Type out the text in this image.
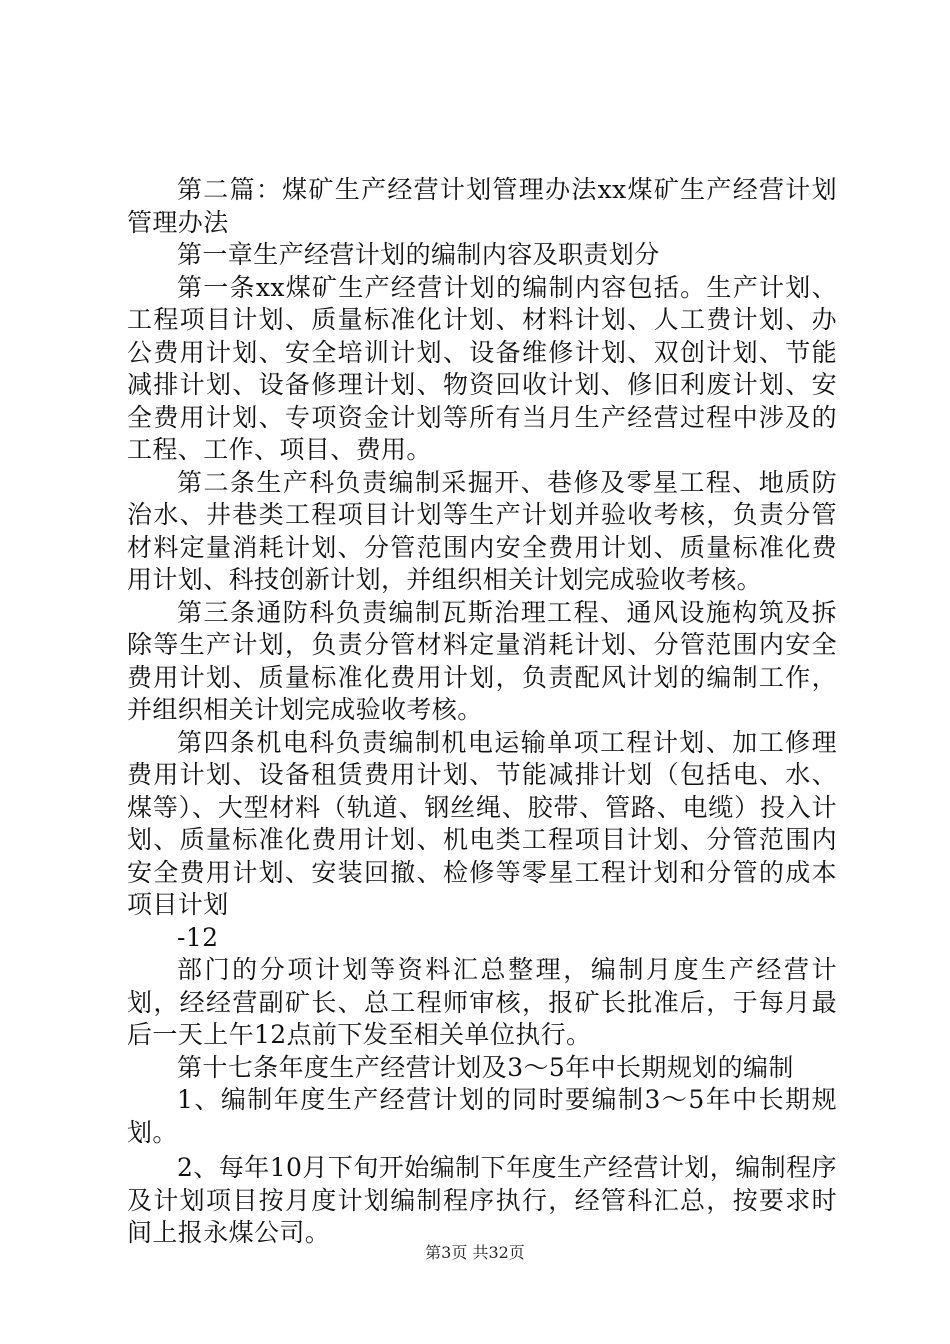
第二篇：煤矿生产经营计划管理办法xx煤矿生产经营计划管理办法

第一章生产经营计划的编制内容及职责划分

第一条xx煤矿生产经营计划的编制内容包括。生产计划、工程项目计划、质量标准化计划、材料计划、人工费计划、办公费用计划、安全培训计划、设备维修计划、双创计划、节能减排计划、设备修理计划、物资回收计划、修旧利废计划、安全费用计划、专项资金计划等所有当月生产经营过程中涉及的工程、工作、项目、费用。

第二条生产科负责编制采掘开、巷修及零星工程、地质防治水、井巷类工程项目计划等生产计划并验收考核，负责分管材料定量消耗计划、分管范围内安全费用计划、质量标准化费用计划、科技创新计划，并组织相关计划完成验收考核。

第三条通防科负责编制瓦斯治理工程、通风设施构筑及拆除等生产计划，负责分管材料定量消耗计划、分管范围内安全费用计划、质量标准化费用计划，负责配风计划的编制工作，并组织相关计划完成验收考核。

第四条机电科负责编制机电运输单项工程计划、加工修理费用计划、设备租赁费用计划、节能减排计划（包括电、水、煤等）、大型材料（轨道、钢丝绳、胶带、管路、电缆）投入计划、质量标准化费用计划、机电类工程项目计划、分管范围内安全费用计划、安装回撤、检修等零星工程计划和分管的成本项目计划

-12

部门的分项计划等资料汇总整理，编制月度生产经营计划，经经营副矿长、总工程师审核，报矿长批准后，于每月最后一天上午12点前下发至相关单位执行。

第十七条年度生产经营计划及3～5年中长期规划的编制

1、编制年度生产经营计划的同时要编制3～5年中长期规划。

2、每年10月下旬开始编制下年度生产经营计划，编制程序及计划项目按月度计划编制程序执行，经管科汇总，按要求时间上报永煤公司。

第3页 共32页
